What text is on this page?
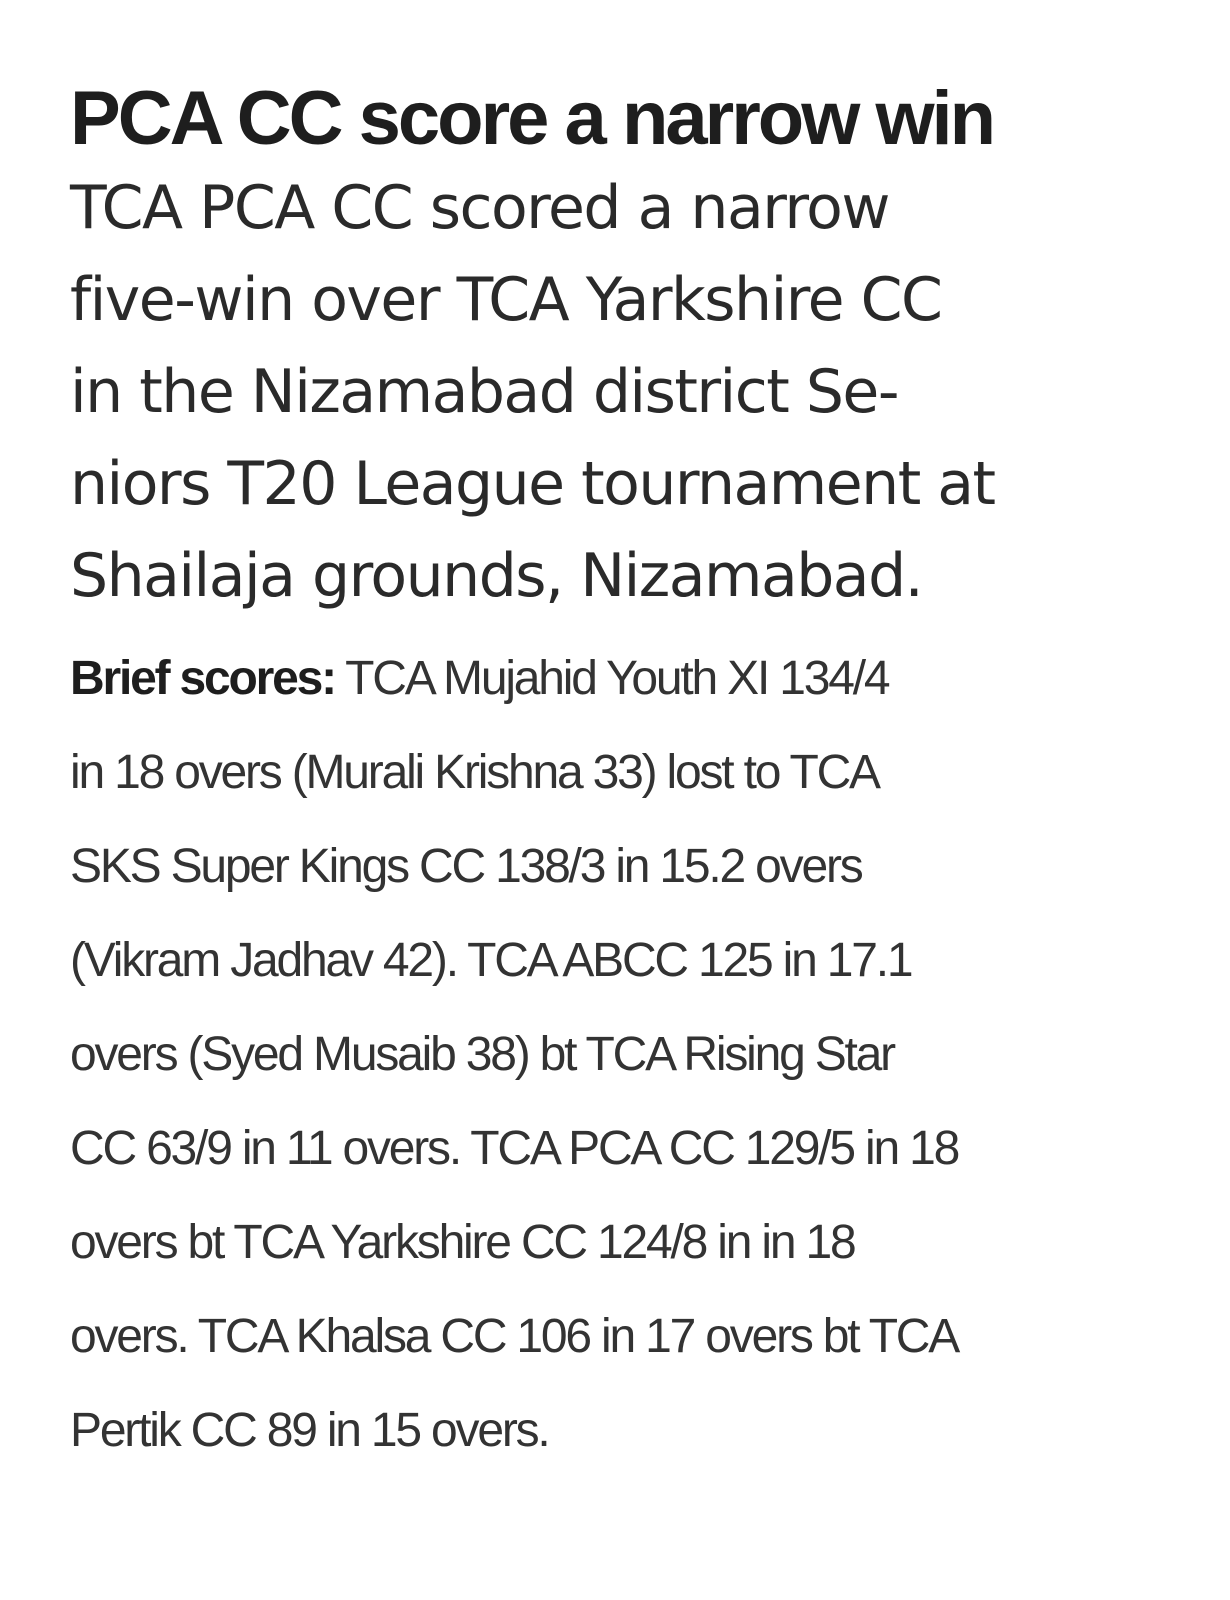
PCA CC score a narrow win
TCA PCA CC scored a narrow
five-win over TCA Yarkshire CC
in the Nizamabad district Se-
niors T20 League tournament at
Shailaja grounds, Nizamabad.
Brief scores: TCA Mujahid Youth XI 134/4
in 18 overs (Murali Krishna 33) lost to TCA
SKS Super Kings CC 138/3 in 15.2 overs
(Vikram Jadhav 42). TCA ABCC 125 in 17.1
overs (Syed Musaib 38) bt TCA Rising Star
CC 63/9 in 11 overs. TCA PCA CC 129/5 in 18
overs bt TCA Yarkshire CC 124/8 in in 18
overs. TCA Khalsa CC 106 in 17 overs bt TCA
Pertik CC 89 in 15 overs.
